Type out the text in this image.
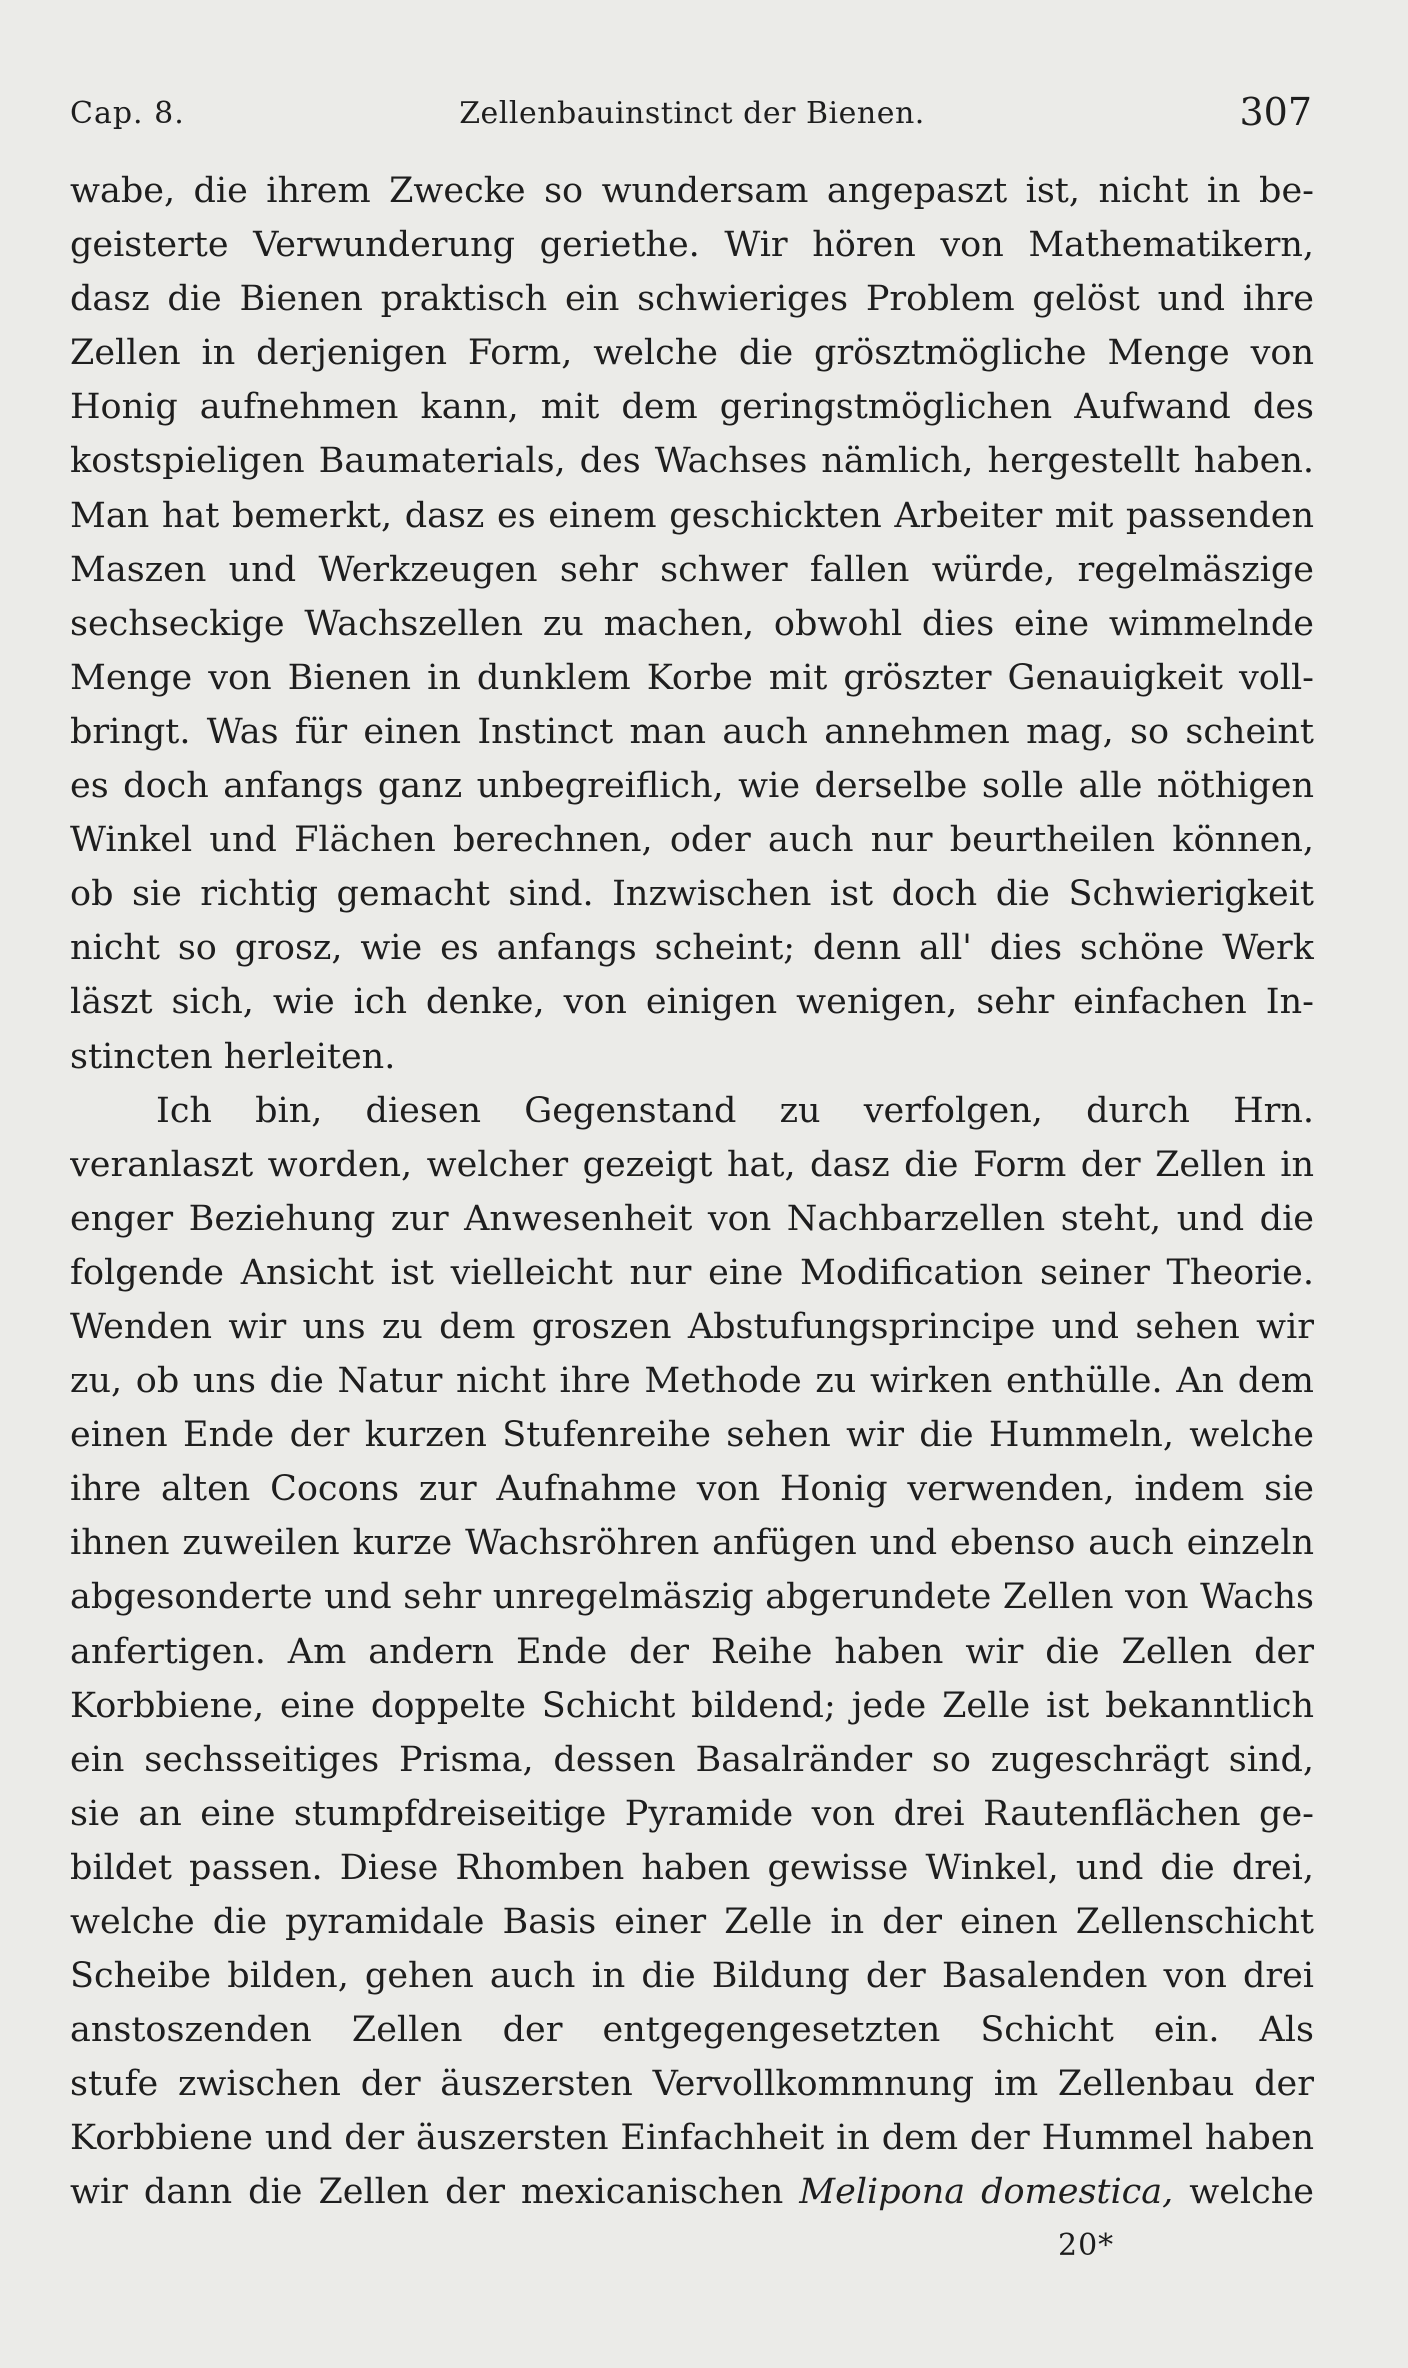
Cap. 8.	Zellenbauinstinct der Bienen.	307
wabe, die ihrem Zwecke so wundersam angepaszt ist, nicht in be-
geisterte Verwunderung geriethe. Wir hören von Mathematikern,
dasz die Bienen praktisch ein schwieriges Problem gelöst und ihre
Zellen in derjenigen Form, welche die grösztmögliche Menge von
Honig aufnehmen kann, mit dem geringstmöglichen Aufwand des
kostspieligen Baumaterials, des Wachses nämlich, hergestellt haben.
Man hat bemerkt, dasz es einem geschickten Arbeiter mit passenden
Maszen und Werkzeugen sehr schwer fallen würde, regelmäszige
sechseckige Wachszellen zu machen, obwohl dies eine wimmelnde
Menge von Bienen in dunklem Korbe mit gröszter Genauigkeit voll-
bringt. Was für einen Instinct man auch annehmen mag, so scheint
es doch anfangs ganz unbegreiflich, wie derselbe solle alle nöthigen
Winkel und Flächen berechnen, oder auch nur beurtheilen können,
ob sie richtig gemacht sind. Inzwischen ist doch die Schwierigkeit
nicht so grosz, wie es anfangs scheint; denn all' dies schöne Werk
läszt sich, wie ich denke, von einigen wenigen, sehr einfachen In-
stincten herleiten.
Ich bin, diesen Gegenstand zu verfolgen, durch Hrn.
veranlaszt worden, welcher gezeigt hat, dasz die Form der Zellen in
enger Beziehung zur Anwesenheit von Nachbarzellen steht, und die
folgende Ansicht ist vielleicht nur eine Modification seiner Theorie.
Wenden wir uns zu dem groszen Abstufungsprincipe und sehen wir
zu, ob uns die Natur nicht ihre Methode zu wirken enthülle. An dem
einen Ende der kurzen Stufenreihe sehen wir die Hummeln, welche
ihre alten Cocons zur Aufnahme von Honig verwenden, indem sie
ihnen zuweilen kurze Wachsröhren anfügen und ebenso auch einzeln
abgesonderte und sehr unregelmäszig abgerundete Zellen von Wachs
anfertigen. Am andern Ende der Reihe haben wir die Zellen der
Korbbiene, eine doppelte Schicht bildend; jede Zelle ist bekanntlich
ein sechsseitiges Prisma, dessen Basalränder so zugeschrägt sind,
sie an eine stumpfdreiseitige Pyramide von drei Rautenflächen ge-
bildet passen. Diese Rhomben haben gewisse Winkel, und die drei,
welche die pyramidale Basis einer Zelle in der einen Zellenschicht
Scheibe bilden, gehen auch in die Bildung der Basalenden von drei
anstoszenden Zellen der entgegengesetzten Schicht ein. Als
stufe zwischen der äuszersten Vervollkommnung im Zellenbau der
Korbbiene und der äuszersten Einfachheit in dem der Hummel haben
wir dann die Zellen der mexicanischen Melipona domestica, welche
20*
